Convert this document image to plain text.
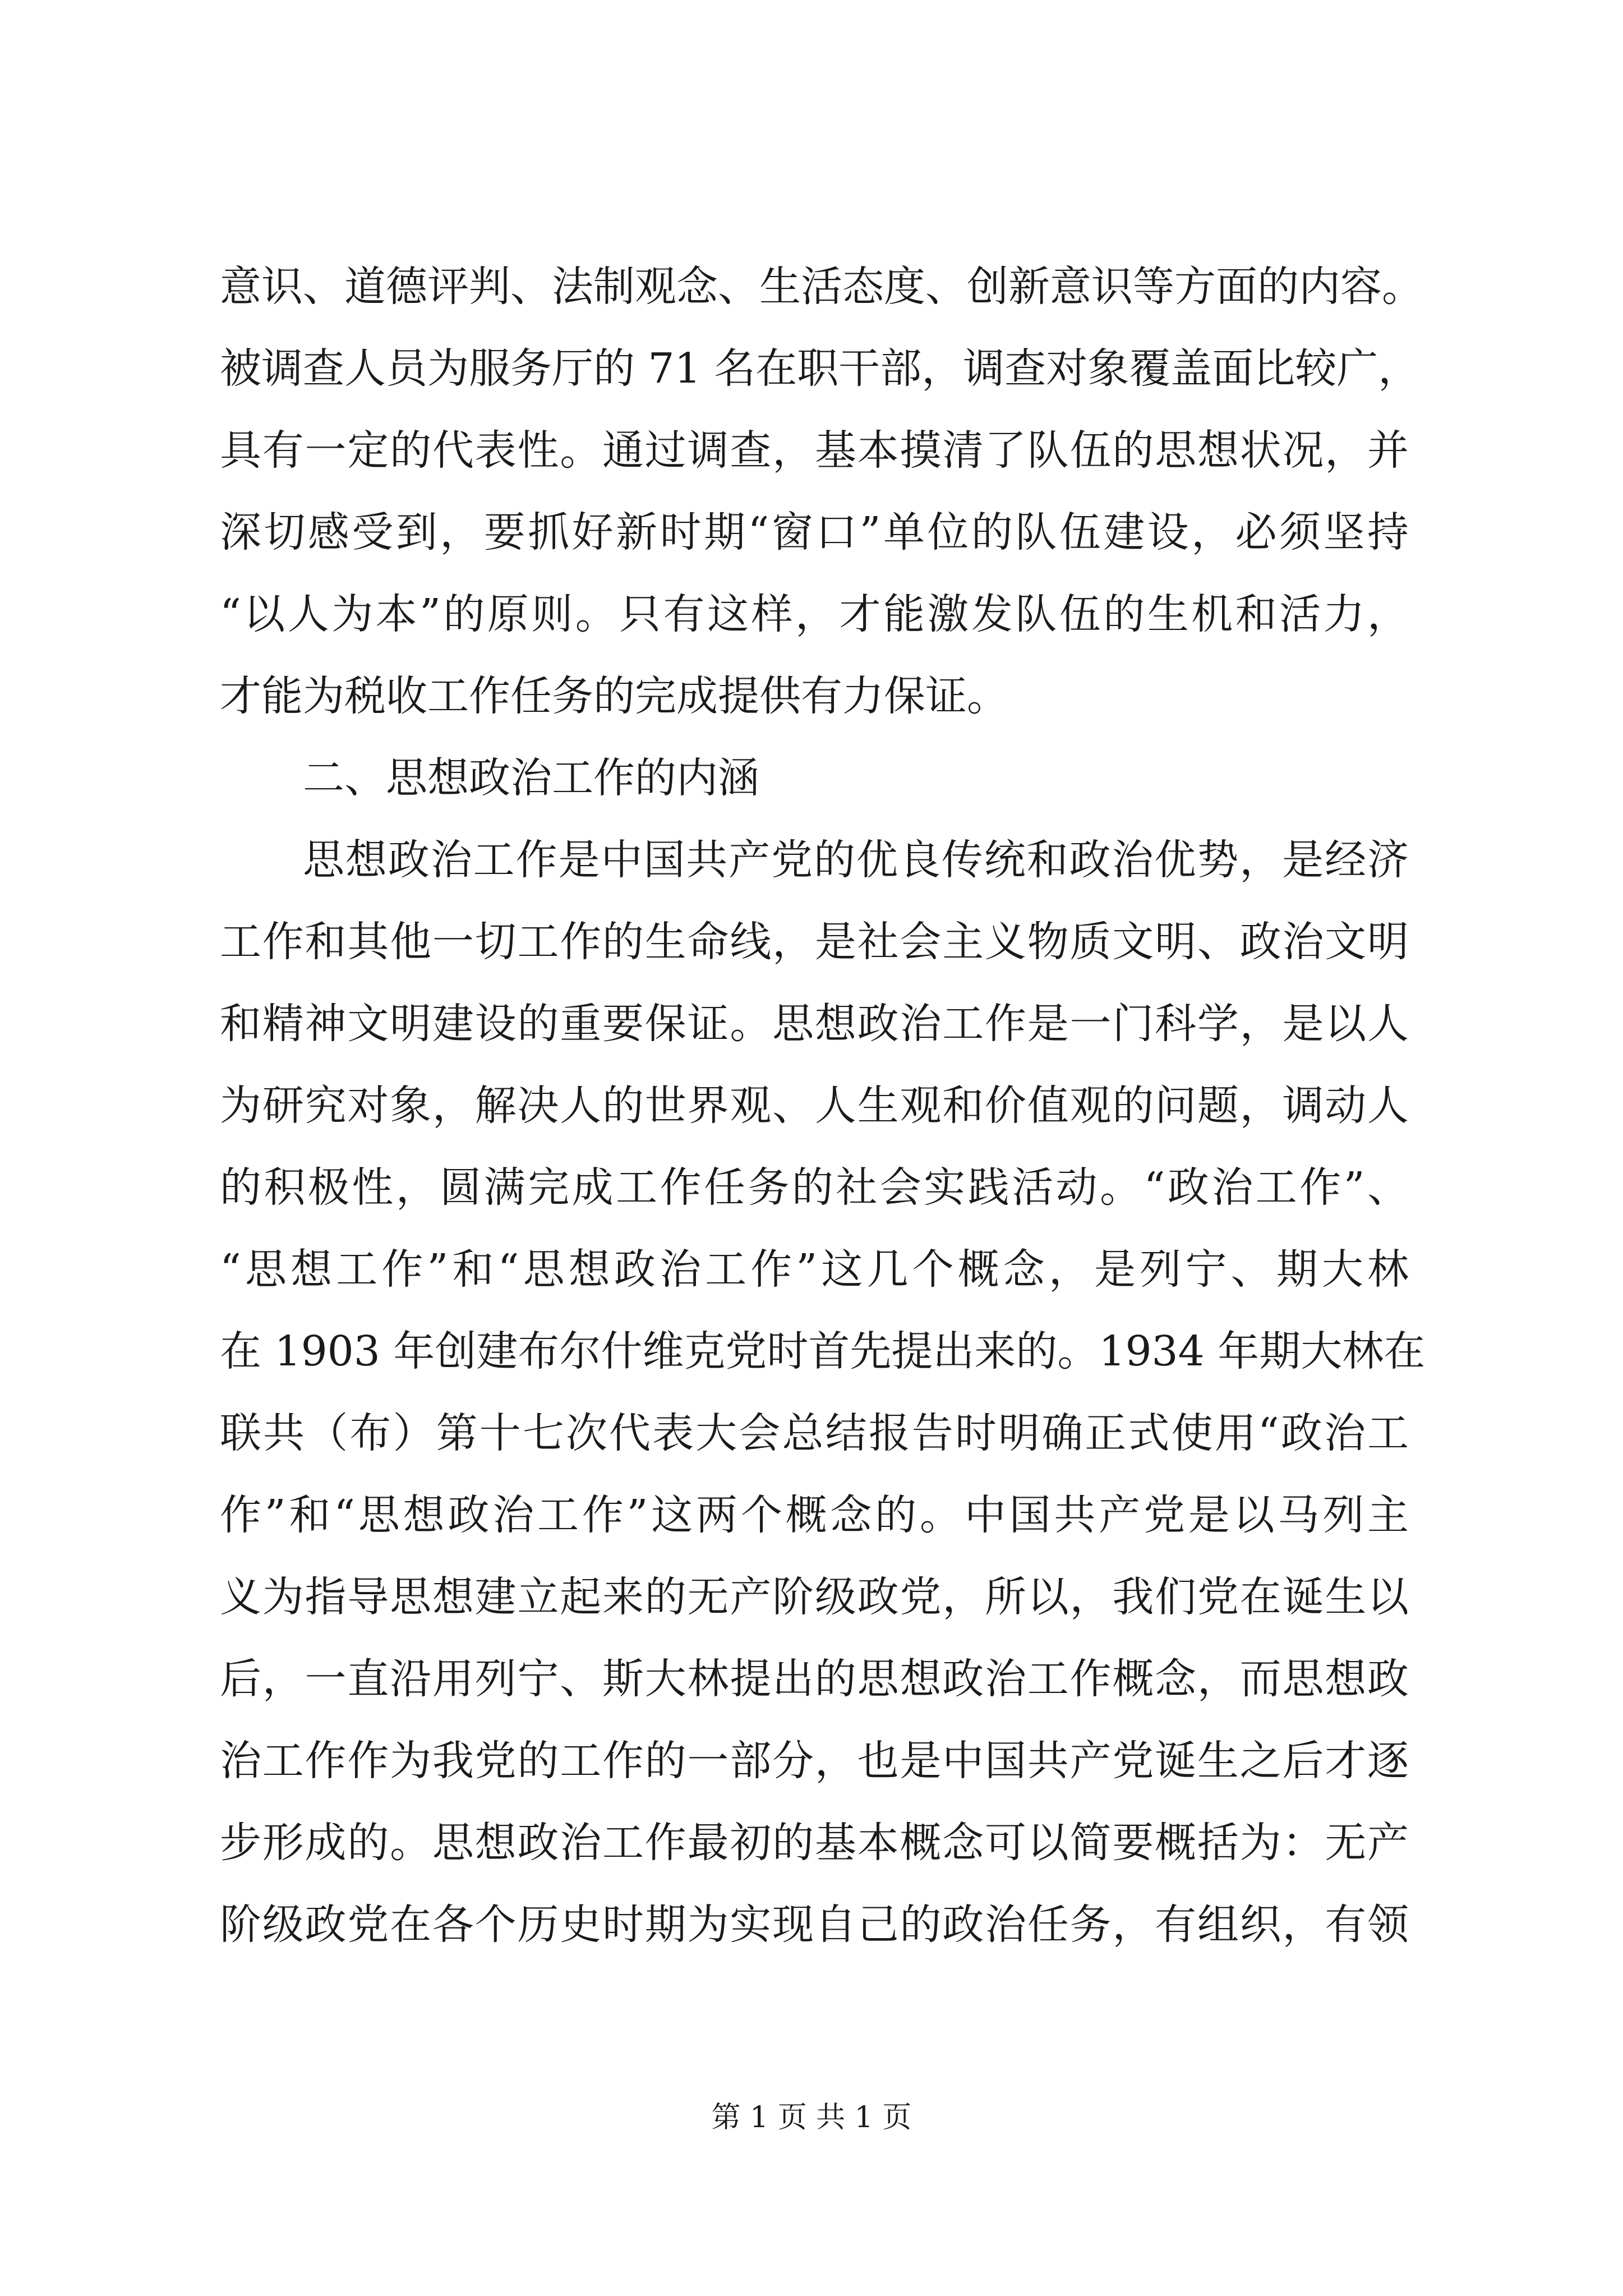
意识、道德评判、法制观念、生活态度、创新意识等方面的内容。
被调查人员为服务厅的 71 名在职干部，调查对象覆盖面比较广，
具有一定的代表性。通过调查，基本摸清了队伍的思想状况，并
深切感受到，要抓好新时期“窗口”单位的队伍建设，必须坚持
“以人为本”的原则。只有这样，才能激发队伍的生机和活力，
才能为税收工作任务的完成提供有力保证。
二、思想政治工作的内涵
思想政治工作是中国共产党的优良传统和政治优势，是经济
工作和其他一切工作的生命线，是社会主义物质文明、政治文明
和精神文明建设的重要保证。思想政治工作是一门科学，是以人
为研究对象，解决人的世界观、人生观和价值观的问题，调动人
的积极性，圆满完成工作任务的社会实践活动。“政治工作”、
“思想工作”和“思想政治工作”这几个概念，是列宁、期大林
在 1903 年创建布尔什维克党时首先提出来的。1934 年期大林在
联共（布）第十七次代表大会总结报告时明确正式使用“政治工
作”和“思想政治工作”这两个概念的。中国共产党是以马列主
义为指导思想建立起来的无产阶级政党，所以，我们党在诞生以
后，一直沿用列宁、斯大林提出的思想政治工作概念，而思想政
治工作作为我党的工作的一部分，也是中国共产党诞生之后才逐
步形成的。思想政治工作最初的基本概念可以简要概括为：无产
阶级政党在各个历史时期为实现自己的政治任务，有组织，有领
第 1 页 共 1 页
